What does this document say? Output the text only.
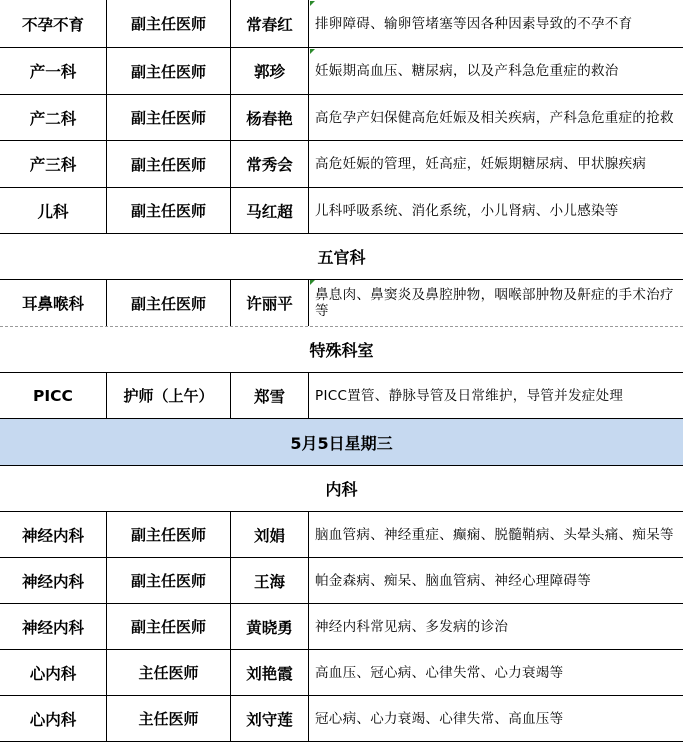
不孕不育	副主任医师	常春红	排卵障碍、输卵管堵塞等因各种因素导致的不孕不育
产一科	副主任医师	郭珍	妊娠期高血压、糖尿病，以及产科急危重症的救治
产二科	副主任医师	杨春艳	高危孕产妇保健高危妊娠及相关疾病，产科急危重症的抢救
产三科	副主任医师	常秀会	高危妊娠的管理，妊高症，妊娠期糖尿病、甲状腺疾病
儿科	副主任医师	马红超	儿科呼吸系统、消化系统，小儿肾病、小儿感染等
五官科
耳鼻喉科	副主任医师	许丽平	鼻息肉、鼻窦炎及鼻腔肿物，咽喉部肿物及鼾症的手术治疗等
特殊科室
PICC	护师（上午）	郑雪	PICC置管、静脉导管及日常维护，导管并发症处理
5月5日星期三
内科
神经内科	副主任医师	刘娟	脑血管病、神经重症、癫痫、脱髓鞘病、头晕头痛、痴呆等
神经内科	副主任医师	王海	帕金森病、痴呆、脑血管病、神经心理障碍等
神经内科	副主任医师	黄晓勇	神经内科常见病、多发病的诊治
心内科	主任医师	刘艳霞	高血压、冠心病、心律失常、心力衰竭等
心内科	主任医师	刘守莲	冠心病、心力衰竭、心律失常、高血压等
